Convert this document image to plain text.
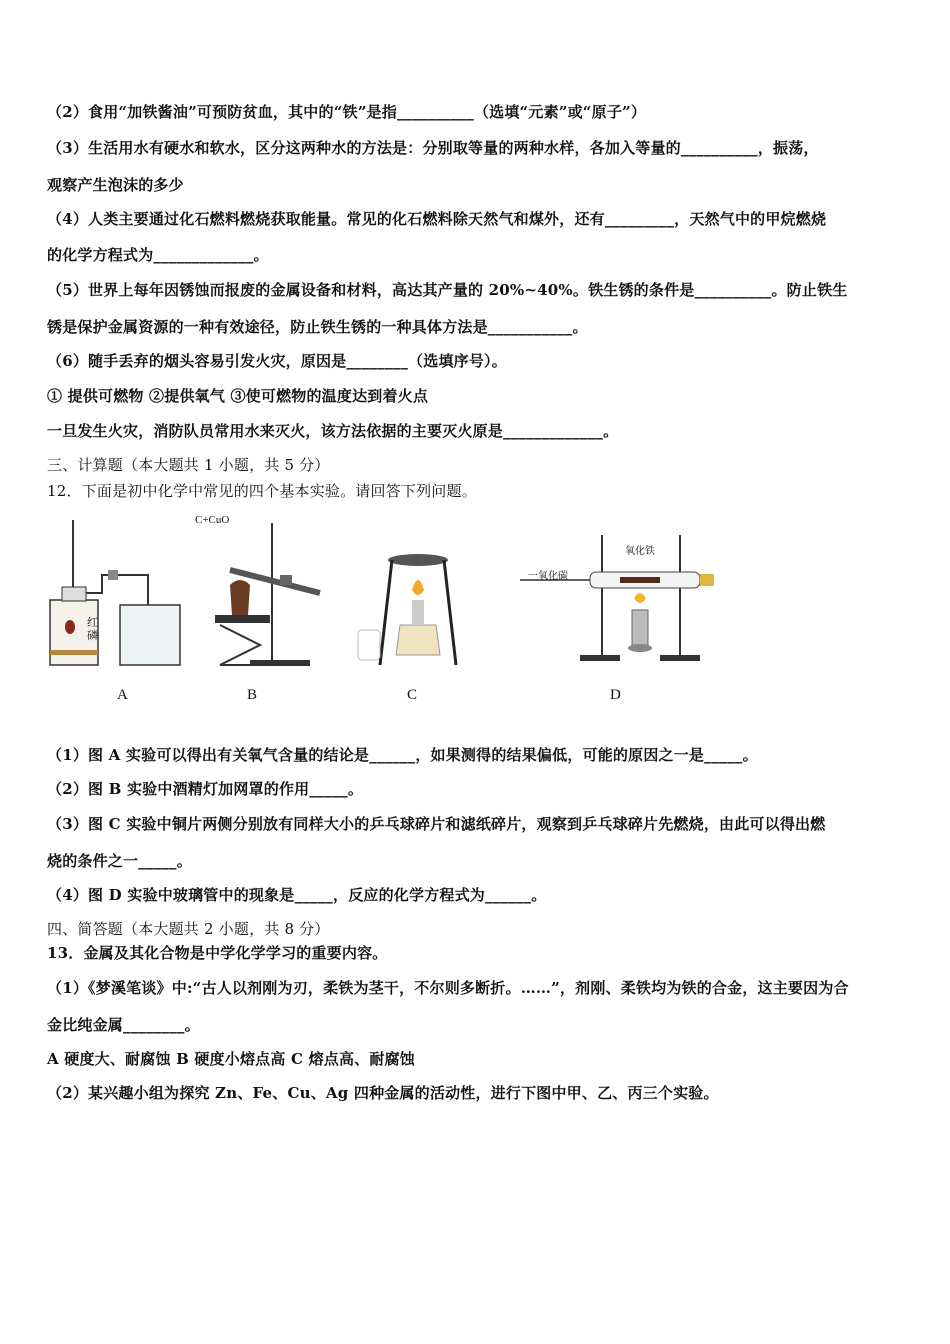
（2）食用“加铁酱油”可预防贫血，其中的“铁”是指__________（选填“元素”或“原子”）
（3）生活用水有硬水和软水，区分这两种水的方法是：分别取等量的两种水样，各加入等量的__________，振荡，
观察产生泡沫的多少
（4）人类主要通过化石燃料燃烧获取能量。常见的化石燃料除天然气和煤外，还有_________，天然气中的甲烷燃烧
的化学方程式为_____________。
（5）世界上每年因锈蚀而报废的金属设备和材料，高达其产量的 20%~40%。铁生锈的条件是__________。防止铁生
锈是保护金属资源的一种有效途径，防止铁生锈的一种具体方法是___________。
（6）随手丢弃的烟头容易引发火灾，原因是________（选填序号）。
① 提供可燃物 ②提供氧气 ③使可燃物的温度达到着火点
一旦发生火灾，消防队员常用水来灭火，该方法依据的主要灭火原是_____________。
三、计算题（本大题共 1 小题，共 5 分）
12．下面是初中化学中常见的四个基本实验。请回答下列问题。
红磷
C+CuO
一氧化碳
氧化铁
A	B	C	D
（1）图 A 实验可以得出有关氧气含量的结论是______，如果测得的结果偏低，可能的原因之一是_____。
（2）图 B 实验中酒精灯加网罩的作用_____。
（3）图 C 实验中铜片两侧分别放有同样大小的乒乓球碎片和滤纸碎片，观察到乒乓球碎片先燃烧，由此可以得出燃
烧的条件之一_____。
（4）图 D 实验中玻璃管中的现象是_____，反应的化学方程式为______。
四、简答题（本大题共 2 小题，共 8 分）
13．金属及其化合物是中学化学学习的重要内容。
（1）《梦溪笔谈》中:“古人以剂刚为刃，柔铁为茎干，不尔则多断折。……”，剂刚、柔铁均为铁的合金，这主要因为合
金比纯金属________。
A 硬度大、耐腐蚀 B 硬度小熔点高 C 熔点高、耐腐蚀
（2）某兴趣小组为探究 Zn、Fe、Cu、Ag 四种金属的活动性，进行下图中甲、乙、丙三个实验。
